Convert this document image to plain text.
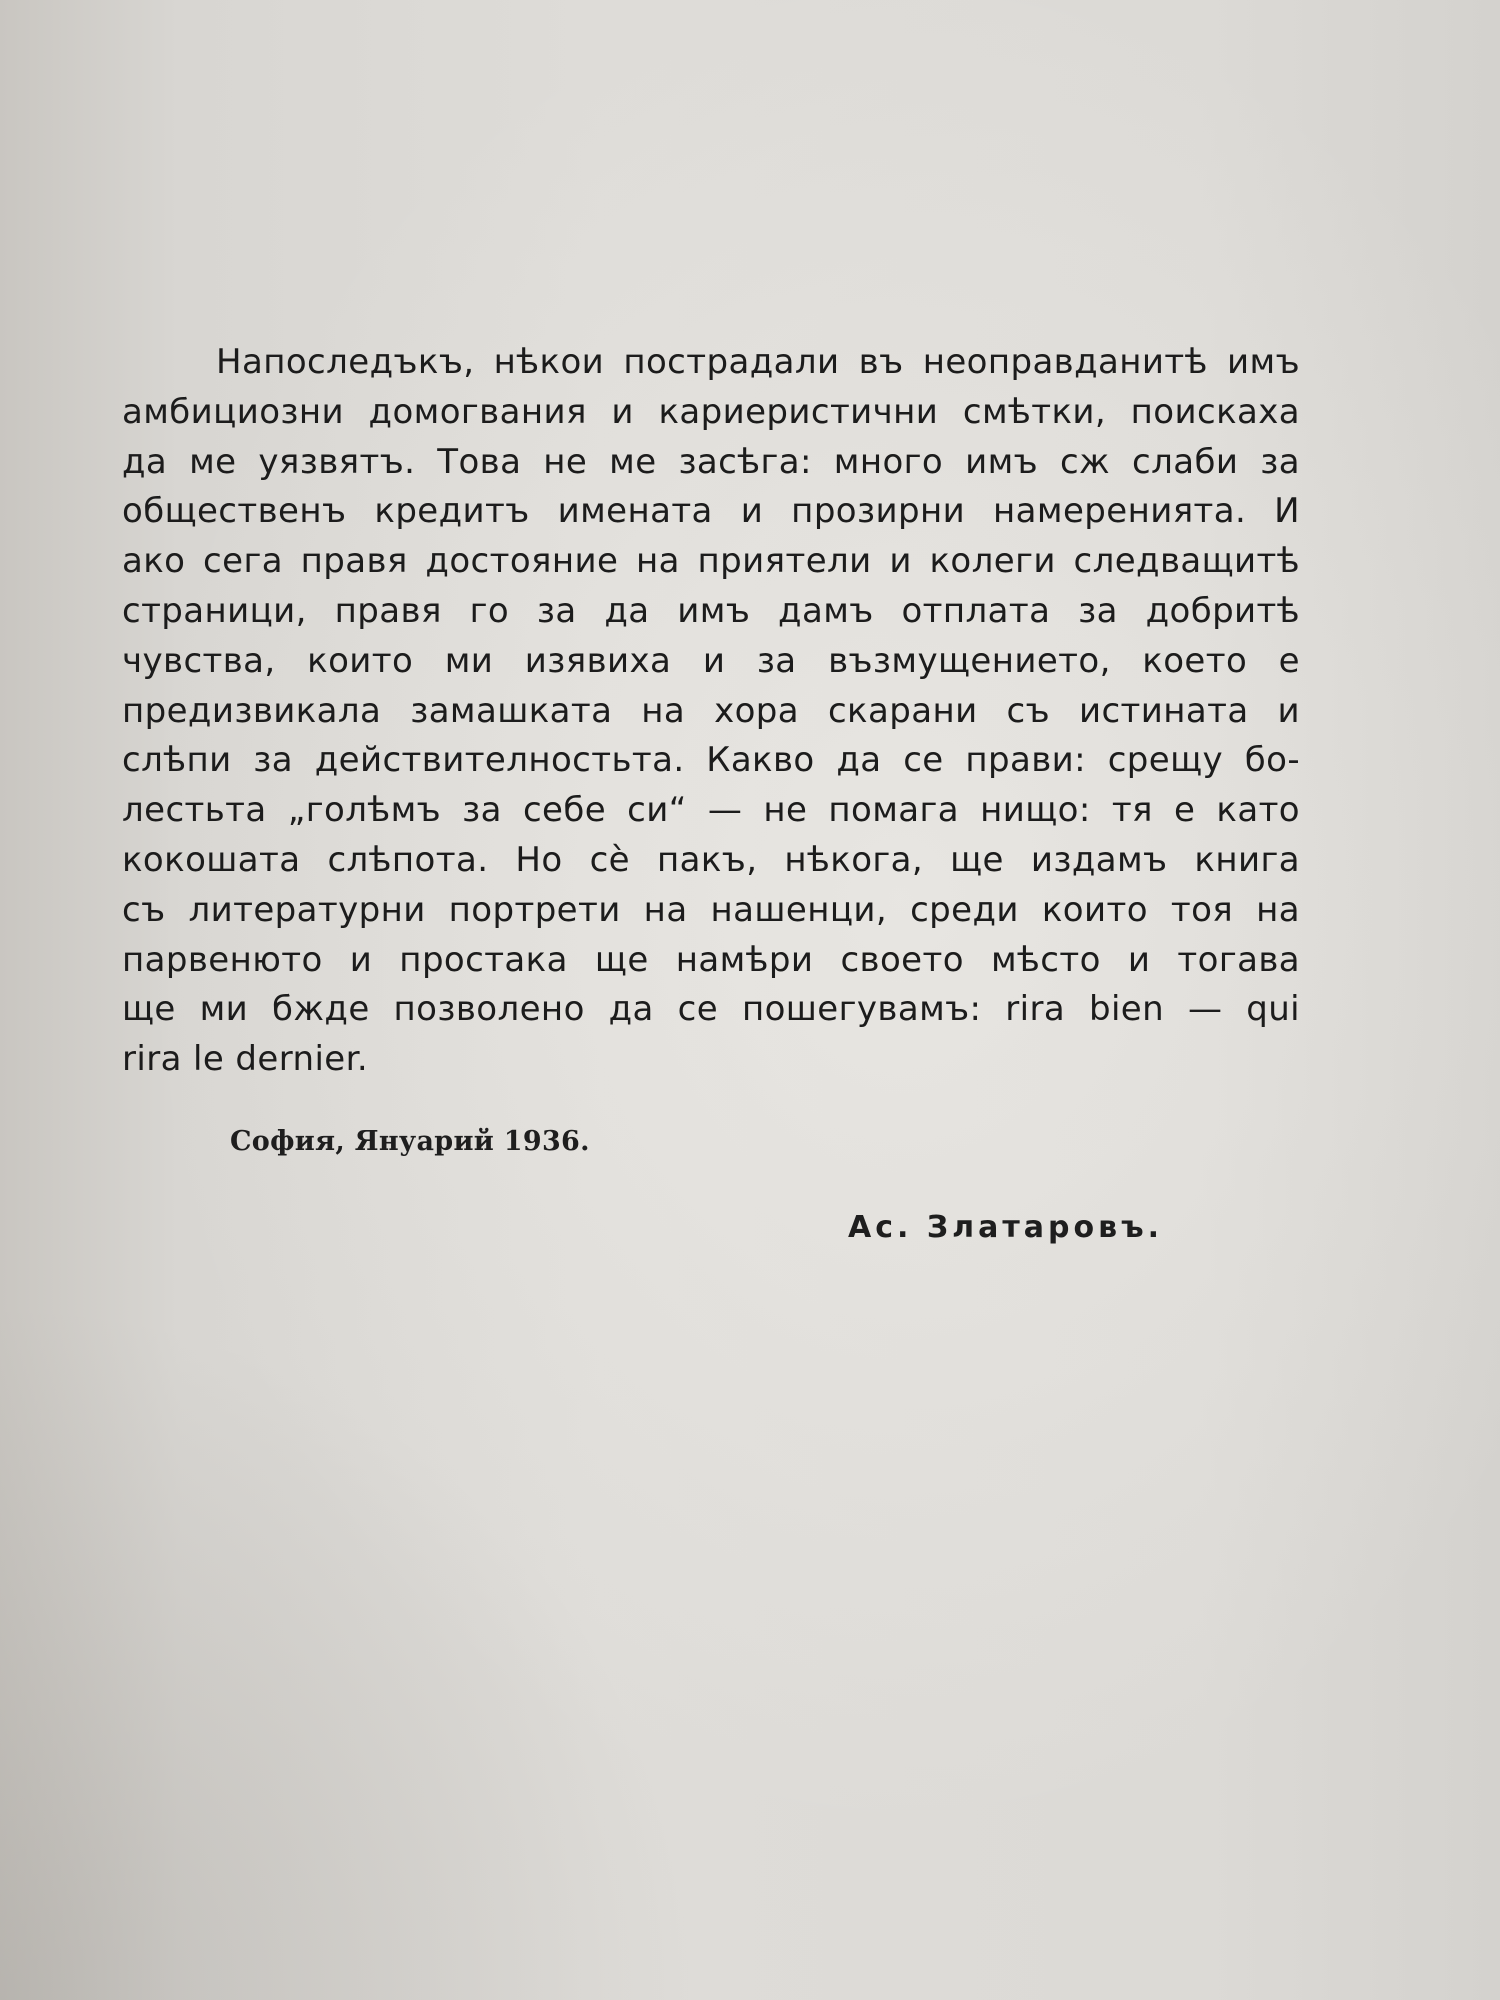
Напоследъкъ, нѣкои пострадали въ неоправданитѣ имъ
амбициозни домогвания и кариеристични смѣтки, поискаха
да ме уязвятъ. Това не ме засѣга: много имъ сж слаби за
общественъ кредитъ имената и прозирни намеренията. И
ако сега правя достояние на приятели и колеги следващитѣ
страници, правя го за да имъ дамъ отплата за добритѣ
чувства, които ми изявиха и за възмущението, което е
предизвикала замашката на хора скарани съ истината и
слѣпи за действителностьта. Какво да се прави: срещу бо-
лестьта „голѣмъ за себе си“ — не помага нищо: тя е като
кокошата слѣпота. Но сѐ пакъ, нѣкога, ще издамъ книга
съ литературни портрети на нашенци, среди които тоя на
парвенюто и простака ще намѣри своето мѣсто и тогава
ще ми бжде позволено да се пошегувамъ: rira bien — qui
rira le dernier.
София, Януарий 1936.
Ас. Златаровъ.
